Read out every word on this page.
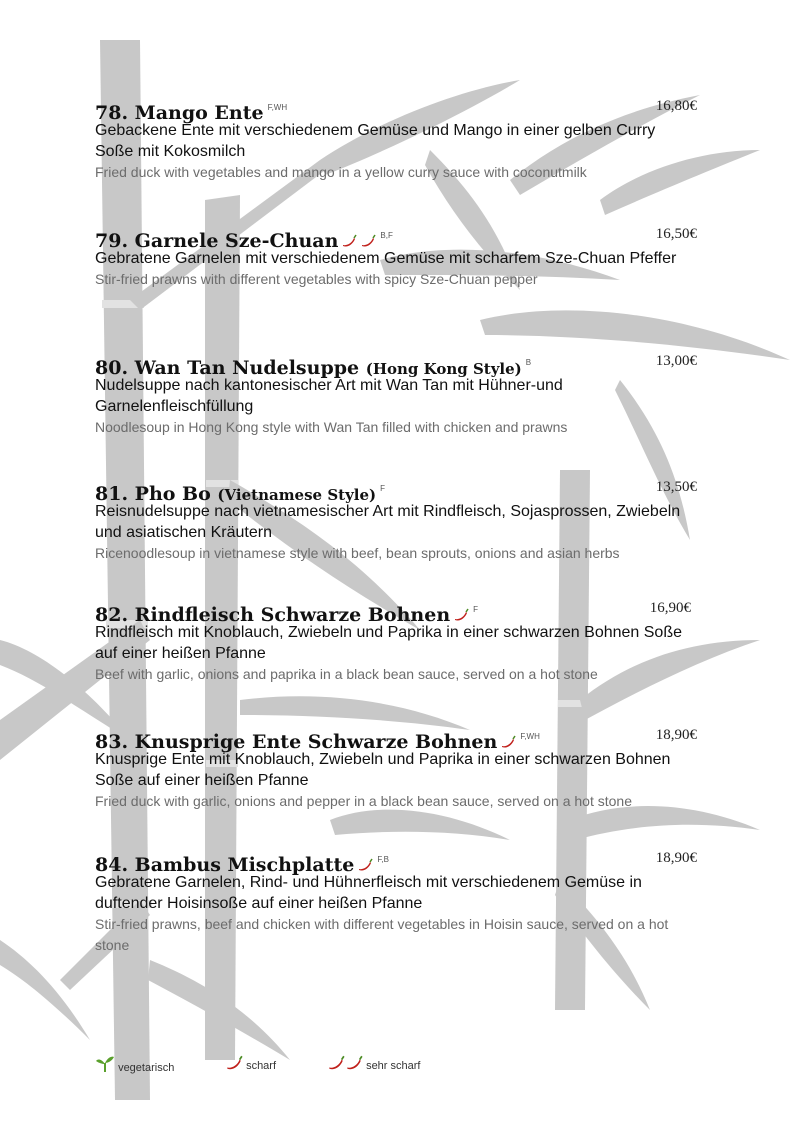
78. Mango Ente $^{F,WH}$	16,80€
Gebackene Ente mit verschiedenem Gemüse und Mango in einer gelben Curry Soße mit Kokosmilch
Fried duck with vegetables and mango in a yellow curry sauce with coconutmilk
79. Garnele Sze-Chuan	$^{B,F}$	16,50€
Gebratene Garnelen mit verschiedenem Gemüse mit scharfem Sze-Chuan Pfeffer
Stir-fried prawns with different vegetables with spicy Sze-Chuan pepper
80. Wan Tan Nudelsuppe (Hong Kong Style) $^B$	13,00€
Nudelsuppe nach kantonesischer Art mit Wan Tan mit Hühner-und Garnelenfleischfüllung
Noodlesoup in Hong Kong style with Wan Tan filled with chicken and prawns
81. Pho Bo (Vietnamese Style) $^F$	13,50€
Reisnudelsuppe nach vietnamesischer Art mit Rindfleisch, Sojasprossen, Zwiebeln und asiatischen Kräutern
Ricenoodlesoup in vietnamese style with beef, bean sprouts, onions and asian herbs
82. Rindfleisch Schwarze Bohnen	$^F$	16,90€
Rindfleisch mit Knoblauch, Zwiebeln und Paprika in einer schwarzen Bohnen Soße auf einer heißen Pfanne
Beef with garlic, onions and paprika in a black bean sauce, served on a hot stone
83. Knusprige Ente Schwarze Bohnen	$^{F,WH}$	18,90€
Knusprige Ente mit Knoblauch, Zwiebeln und Paprika in einer schwarzen Bohnen Soße auf einer heißen Pfanne
Fried duck with garlic, onions and pepper in a black bean sauce, served on a hot stone
84. Bambus Mischplatte	$^{F,B}$	18,90€
Gebratene Garnelen, Rind- und Hühnerfleisch mit verschiedenem Gemüse in duftender Hoisinsoße auf einer heißen Pfanne
Stir-fried prawns, beef and chicken with different vegetables in Hoisin sauce, served on a hot stone
vegetarisch	scharf	sehr scharf
